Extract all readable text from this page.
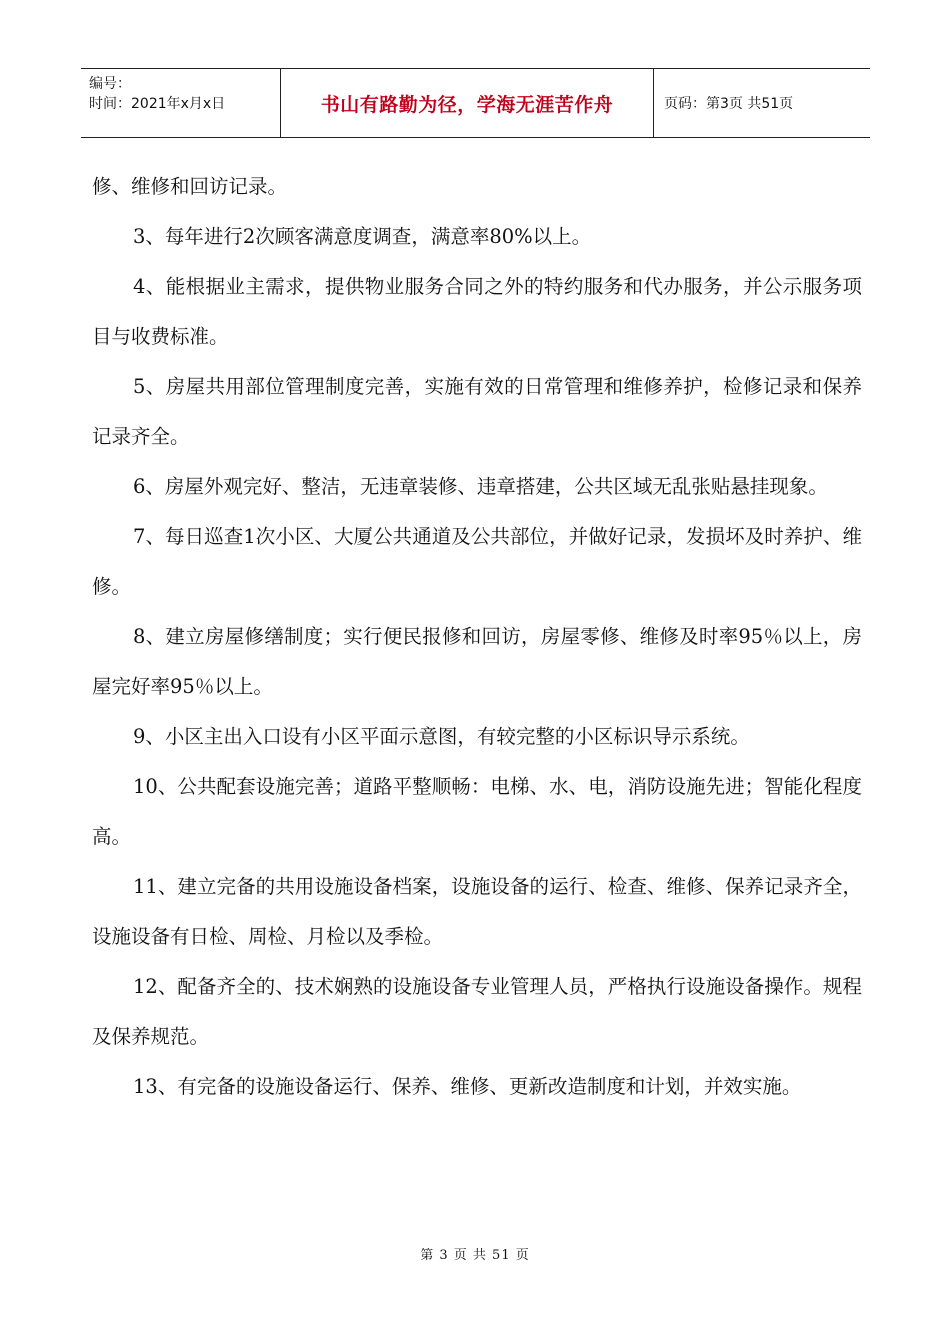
编号：
时间：2021年x月x日	书山有路勤为径，学海无涯苦作舟	页码：第3页 共51页

修、维修和回访记录。

3、每年进行2次顾客满意度调查，满意率80%以上。

4、能根据业主需求，提供物业服务合同之外的特约服务和代办服务，并公示服务项目与收费标准。

5、房屋共用部位管理制度完善，实施有效的日常管理和维修养护，检修记录和保养记录齐全。

6、房屋外观完好、整洁，无违章装修、违章搭建，公共区域无乱张贴悬挂现象。

7、每日巡查1次小区、大厦公共通道及公共部位，并做好记录，发损坏及时养护、维修。

8、建立房屋修缮制度；实行便民报修和回访，房屋零修、维修及时率95％以上，房屋完好率95％以上。

9、小区主出入口设有小区平面示意图，有较完整的小区标识导示系统。

10、公共配套设施完善；道路平整顺畅：电梯、水、电，消防设施先进；智能化程度高。

11、建立完备的共用设施设备档案，设施设备的运行、检查、维修、保养记录齐全，设施设备有日检、周检、月检以及季检。

12、配备齐全的、技术娴熟的设施设备专业管理人员，严格执行设施设备操作。规程及保养规范。

13、有完备的设施设备运行、保养、维修、更新改造制度和计划，并效实施。

第 3 页 共 51 页
